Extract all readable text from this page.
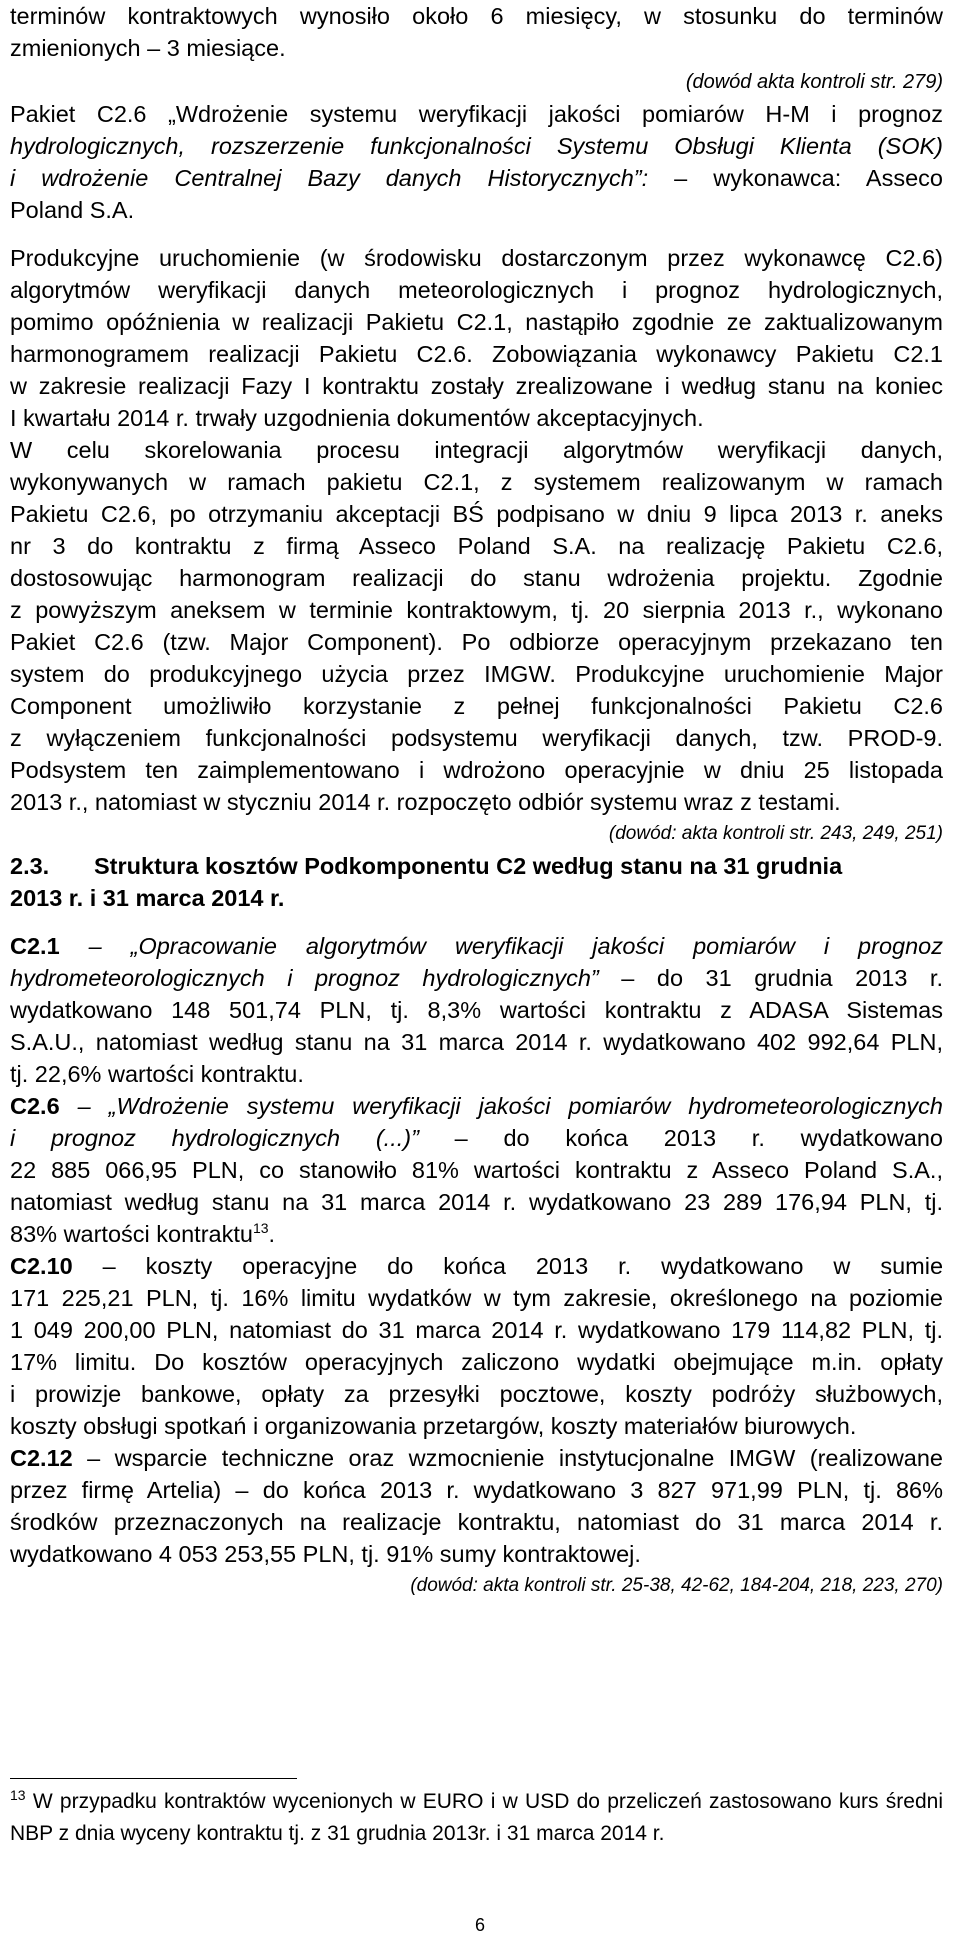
terminów kontraktowych wynosiło około 6 miesięcy, w stosunku do terminów
zmienionych – 3 miesiące.
(dowód akta kontroli str. 279)
Pakiet C2.6 „Wdrożenie systemu weryfikacji jakości pomiarów H-M i prognoz
hydrologicznych, rozszerzenie funkcjonalności Systemu Obsługi Klienta (SOK)
i wdrożenie Centralnej Bazy danych Historycznych”: – wykonawca: Asseco
Poland S.A.
Produkcyjne uruchomienie (w środowisku dostarczonym przez wykonawcę C2.6)
algorytmów weryfikacji danych meteorologicznych i prognoz hydrologicznych,
pomimo opóźnienia w realizacji Pakietu C2.1, nastąpiło zgodnie ze zaktualizowanym
harmonogramem realizacji Pakietu C2.6. Zobowiązania wykonawcy Pakietu C2.1
w zakresie realizacji Fazy I kontraktu zostały zrealizowane i według stanu na koniec
I kwartału 2014 r. trwały uzgodnienia dokumentów akceptacyjnych.
W celu skorelowania procesu integracji algorytmów weryfikacji danych,
wykonywanych w ramach pakietu C2.1, z systemem realizowanym w ramach
Pakietu C2.6, po otrzymaniu akceptacji BŚ podpisano w dniu 9 lipca 2013 r. aneks
nr 3 do kontraktu z firmą Asseco Poland S.A. na realizację Pakietu C2.6,
dostosowując harmonogram realizacji do stanu wdrożenia projektu. Zgodnie
z powyższym aneksem w terminie kontraktowym, tj. 20 sierpnia 2013 r., wykonano
Pakiet C2.6 (tzw. Major Component). Po odbiorze operacyjnym przekazano ten
system do produkcyjnego użycia przez IMGW. Produkcyjne uruchomienie Major
Component umożliwiło korzystanie z pełnej funkcjonalności Pakietu C2.6
z wyłączeniem funkcjonalności podsystemu weryfikacji danych, tzw. PROD-9.
Podsystem ten zaimplementowano i wdrożono operacyjnie w dniu 25 listopada
2013 r., natomiast w styczniu 2014 r. rozpoczęto odbiór systemu wraz z testami.
(dowód: akta kontroli str. 243, 249, 251)
2.3. Struktura kosztów Podkomponentu C2 według stanu na 31 grudnia
2013 r. i 31 marca 2014 r.
C2.1 – „Opracowanie algorytmów weryfikacji jakości pomiarów i prognoz
hydrometeorologicznych i prognoz hydrologicznych” – do 31 grudnia 2013 r.
wydatkowano 148 501,74 PLN, tj. 8,3% wartości kontraktu z ADASA Sistemas
S.A.U., natomiast według stanu na 31 marca 2014 r. wydatkowano 402 992,64 PLN,
tj. 22,6% wartości kontraktu.
C2.6 – „Wdrożenie systemu weryfikacji jakości pomiarów hydrometeorologicznych
i prognoz hydrologicznych (...)” – do końca 2013 r. wydatkowano
22 885 066,95 PLN, co stanowiło 81% wartości kontraktu z Asseco Poland S.A.,
natomiast według stanu na 31 marca 2014 r. wydatkowano 23 289 176,94 PLN, tj.
83% wartości kontraktu$^{13}$.
C2.10 – koszty operacyjne do końca 2013 r. wydatkowano w sumie
171 225,21 PLN, tj. 16% limitu wydatków w tym zakresie, określonego na poziomie
1 049 200,00 PLN, natomiast do 31 marca 2014 r. wydatkowano 179 114,82 PLN, tj.
17% limitu. Do kosztów operacyjnych zaliczono wydatki obejmujące m.in. opłaty
i prowizje bankowe, opłaty za przesyłki pocztowe, koszty podróży służbowych,
koszty obsługi spotkań i organizowania przetargów, koszty materiałów biurowych.
C2.12 – wsparcie techniczne oraz wzmocnienie instytucjonalne IMGW (realizowane
przez firmę Artelia) – do końca 2013 r. wydatkowano 3 827 971,99 PLN, tj. 86%
środków przeznaczonych na realizacje kontraktu, natomiast do 31 marca 2014 r.
wydatkowano 4 053 253,55 PLN, tj. 91% sumy kontraktowej.
(dowód: akta kontroli str. 25-38, 42-62, 184-204, 218, 223, 270)
$^{13}$ W przypadku kontraktów wycenionych w EURO i w USD do przeliczeń zastosowano kurs średni
NBP z dnia wyceny kontraktu tj. z 31 grudnia 2013r. i 31 marca 2014 r.
6
